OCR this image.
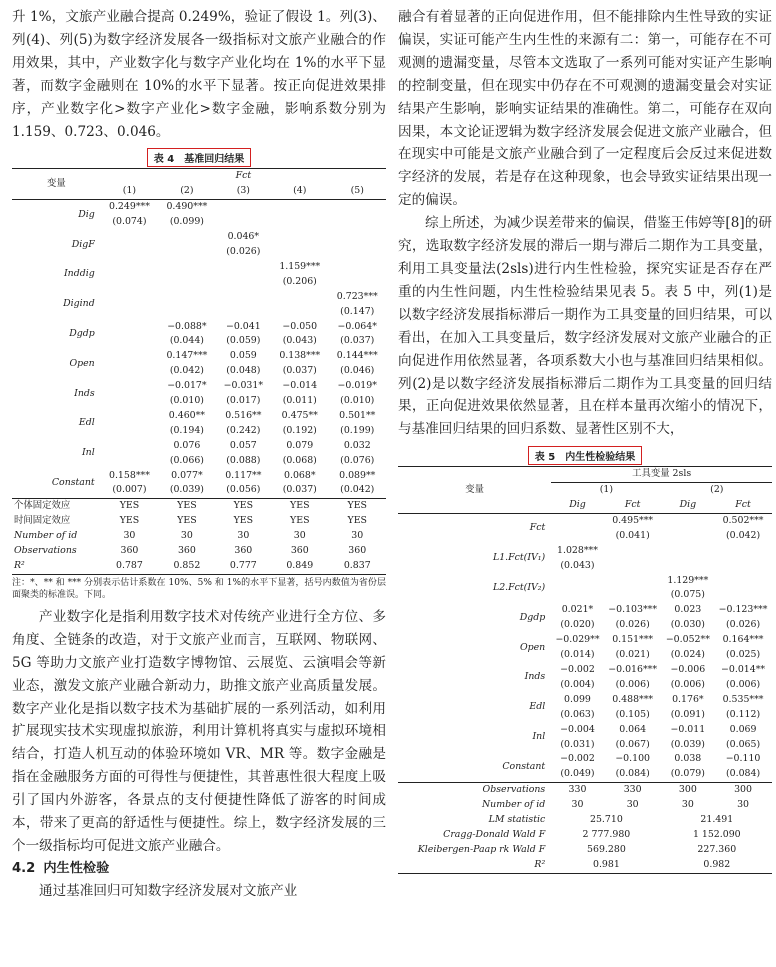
升 1%，文旅产业融合提高 0.249%，验证了假设 1。列(3)、列(4)、列(5)为数字经济发展各一级指标对文旅产业融合的作用效果，其中，产业数字化与数字产业化均在 1%的水平下显著，而数字金融则在 10%的水平下显著。按正向促进效果排序，产业数字化>数字产业化>数字金融，影响系数分别为 1.159、0.723、0.046。

表 4　基准回归结果
变量	Fct				
	(1)	(2)	(3)	(4)	(5)
Dig	0.249***	0.490***			
	(0.074)	(0.099)			
DigF			0.046*		
			(0.026)		
Inddig				1.159***	
				(0.206)	
Digind					0.723***
					(0.147)
Dgdp		−0.088*	−0.041	−0.050	−0.064*
		(0.044)	(0.059)	(0.043)	(0.037)
Open		0.147***	0.059	0.138***	0.144***
		(0.042)	(0.048)	(0.037)	(0.046)
Inds		−0.017*	−0.031*	−0.014	−0.019*
		(0.010)	(0.017)	(0.011)	(0.010)
Edl		0.460**	0.516**	0.475**	0.501**
		(0.194)	(0.242)	(0.192)	(0.199)
Inl		0.076	0.057	0.079	0.032
		(0.066)	(0.088)	(0.068)	(0.076)
Constant	0.158***	0.077*	0.117**	0.068*	0.089**
	(0.007)	(0.039)	(0.056)	(0.037)	(0.042)
个体固定效应	YES	YES	YES	YES	YES
时间固定效应	YES	YES	YES	YES	YES
Number of id	30	30	30	30	30
Observations	360	360	360	360	360
R²	0.787	0.852	0.777	0.849	0.837

注：*、** 和 *** 分别表示估计系数在 10%、5% 和 1%的水平下显著，括号内数值为省份层面聚类的标准误。下同。

产业数字化是指利用数字技术对传统产业进行全方位、多角度、全链条的改造，对于文旅产业而言，互联网、物联网、5G 等助力文旅产业打造数字博物馆、云展览、云演唱会等新业态，激发文旅产业融合新动力，助推文旅产业高质量发展。数字产业化是指以数字技术为基础扩展的一系列活动，如利用扩展现实技术实现虚拟旅游，利用计算机将真实与虚拟环境相结合，打造人机互动的体验环境如 VR、MR 等。数字金融是指在金融服务方面的可得性与便捷性，其普惠性很大程度上吸引了国内外游客，各景点的支付便捷性降低了游客的时间成本，带来了更高的舒适性与便捷性。综上，数字经济发展的三个一级指标均可促进文旅产业融合。

4.2 内生性检验

通过基准回归可知数字经济发展对文旅产业

融合有着显著的正向促进作用，但不能排除内生性导致的实证偏误，实证可能产生内生性的来源有二：第一，可能存在不可观测的遗漏变量，尽管本文选取了一系列可能对实证产生影响的控制变量，但在现实中仍存在不可观测的遗漏变量会对实证结果产生影响，影响实证结果的准确性。第二，可能存在双向因果，本文论证逻辑为数字经济发展会促进文旅产业融合，但在现实中可能是文旅产业融合到了一定程度后会反过来促进数字经济的发展，若是存在这种现象，也会导致实证结果出现一定的偏误。

综上所述，为减少误差带来的偏误，借鉴王伟婷等[8]的研究，选取数字经济发展的滞后一期与滞后二期作为工具变量，利用工具变量法(2sls)进行内生性检验，探究实证是否存在严重的内生性问题，内生性检验结果见表 5。表 5 中，列(1)是以数字经济发展指标滞后一期作为工具变量的回归结果，可以看出，在加入工具变量后，数字经济发展对文旅产业融合的正向促进作用依然显著，各项系数大小也与基准回归结果相似。列(2)是以数字经济发展指标滞后二期作为工具变量的回归结果，正向促进效果依然显著，且在样本量再次缩小的情况下，与基准回归结果的回归系数、显著性区别不大，

表 5　内生性检验结果
变量	工具变量 2sls			
	(1)		(2)	
	Dig	Fct	Dig	Fct
Fct		0.495***		0.502***
		(0.041)		(0.042)
L1.Fct(IV₁)	1.028***			
	(0.043)			
L2.Fct(IV₂)			1.129***	
			(0.075)	
Dgdp	0.021*	−0.103***	0.023	−0.123***
	(0.020)	(0.026)	(0.030)	(0.026)
Open	−0.029**	0.151***	−0.052**	0.164***
	(0.014)	(0.021)	(0.024)	(0.025)
Inds	−0.002	−0.016***	−0.006	−0.014**
	(0.004)	(0.006)	(0.006)	(0.006)
Edl	0.099	0.488***	0.176*	0.535***
	(0.063)	(0.105)	(0.091)	(0.112)
Inl	−0.004	0.064	−0.011	0.069
	(0.031)	(0.067)	(0.039)	(0.065)
Constant	−0.002	−0.100	0.038	−0.110
	(0.049)	(0.084)	(0.079)	(0.084)
Observations	330	330	300	300
Number of id	30	30	30	30
LM statistic	25.710		21.491	
Cragg-Donald Wald F	2 777.980		1 152.090	
Kleibergen-Paap rk Wald F	569.280		227.360	
R²	0.981		0.982	
